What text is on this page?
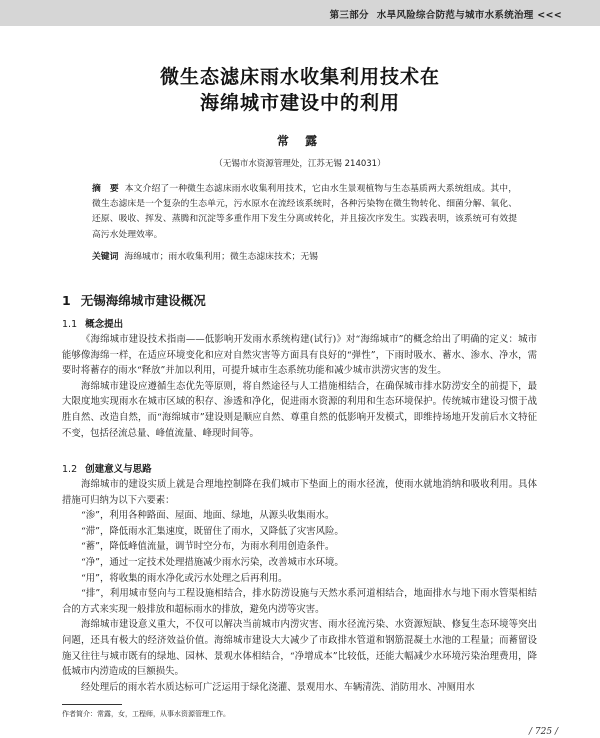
第三部分 水旱风险综合防范与城市水系统治理 <<<
微生态滤床雨水收集利用技术在
海绵城市建设中的利用
常 露
（无锡市水资源管理处，江苏无锡 214031）
摘　要 本文介绍了一种微生态滤床雨水收集利用技术，它由水生景观植物与生态基质两大系统组成。其中，微生态滤床是一个复杂的生态单元，污水原水在流经该系统时，各种污染物在微生物转化、细菌分解、氧化、还原、吸收、挥发、蒸腾和沉淀等多重作用下发生分离或转化，并且接次序发生。实践表明，该系统可有效提高污水处理效率。
关键词 海绵城市；雨水收集利用；微生态滤床技术；无锡
1 无锡海绵城市建设概况
1.1 概念提出

《海绵城市建设技术指南——低影响开发雨水系统构建(试行)》对“海绵城市”的概念给出了明确的定义：城市能够像海绵一样，在适应环境变化和应对自然灾害等方面具有良好的“弹性”，下雨时吸水、蓄水、渗水、净水，需要时将蓄存的雨水“释放”并加以利用，可提升城市生态系统功能和减少城市洪涝灾害的发生。

海绵城市建设应遵循生态优先等原则，将自然途径与人工措施相结合，在确保城市排水防涝安全的前提下，最大限度地实现雨水在城市区域的积存、渗透和净化，促进雨水资源的利用和生态环境保护。传统城市建设习惯于战胜自然、改造自然，而“海绵城市”建设则是顺应自然、尊重自然的低影响开发模式，即维持场地开发前后水文特征不变，包括径流总量、峰值流量、峰现时间等。

1.2 创建意义与思路

海绵城市的建设实质上就是合理地控制降在我们城市下垫面上的雨水径流，使雨水就地消纳和吸收利用。具体措施可归纳为以下六要素：

“渗”，利用各种路面、屋面、地面、绿地，从源头收集雨水。

“滞”，降低雨水汇集速度，既留住了雨水，又降低了灾害风险。

“蓄”，降低峰值流量，调节时空分布，为雨水利用创造条件。

“净”，通过一定技术处理措施减少雨水污染，改善城市水环境。

“用”，将收集的雨水净化或污水处理之后再利用。

“排”，利用城市竖向与工程设施相结合，排水防涝设施与天然水系河道相结合，地面排水与地下雨水管渠相结合的方式来实现一般排放和超标雨水的排放，避免内涝等灾害。

海绵城市建设意义重大，不仅可以解决当前城市内涝灾害、雨水径流污染、水资源短缺、修复生态环境等突出问题，还具有极大的经济效益价值。海绵城市建设大大减少了市政排水管道和钢筋混凝土水池的工程量；而蓄留设施又往往与城市既有的绿地、园林、景观水体相结合，“净增成本”比较低，还能大幅减少水环境污染治理费用，降低城市内涝造成的巨额损失。

经处理后的雨水若水质达标可广泛运用于绿化浇灌、景观用水、车辆清洗、消防用水、冲厕用水

作者简介：常露，女，工程师，从事水资源管理工作。
/ 725 /
